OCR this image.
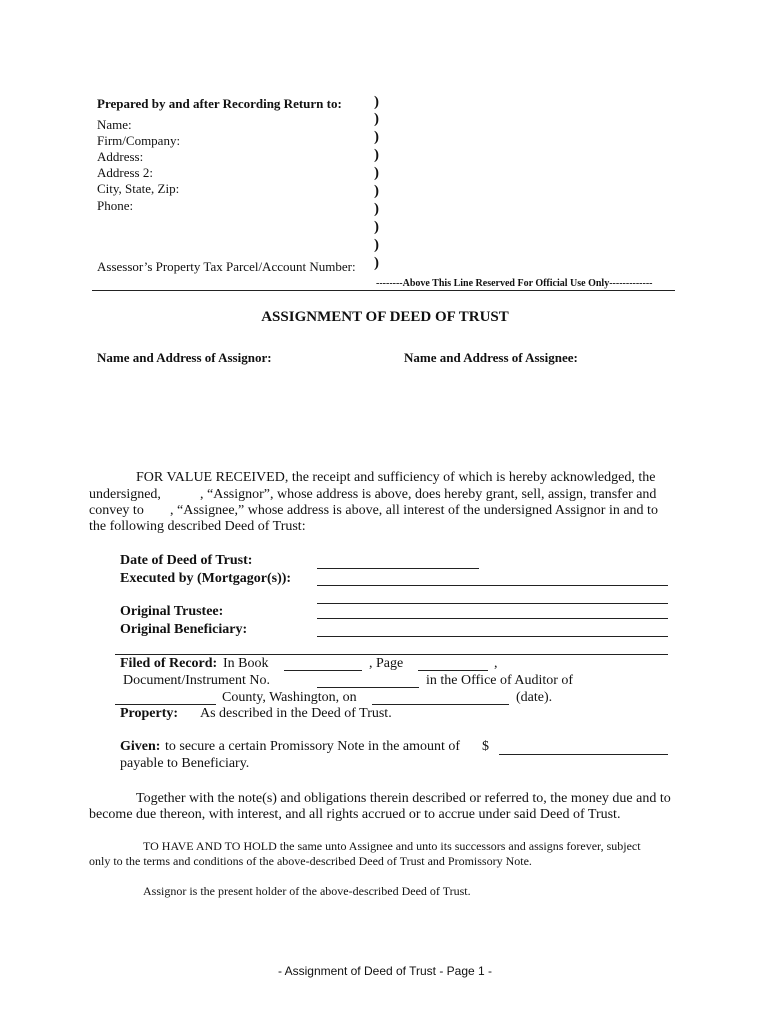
Prepared by and after Recording Return to:
Name:
Firm/Company:
Address:
Address 2:
City, State, Zip:
Phone:
Assessor’s Property Tax Parcel/Account Number:
)
)
)
)
)
)
)
)
)
)
--------Above This Line Reserved For Official Use Only-------------
ASSIGNMENT OF DEED OF TRUST
Name and Address of Assignor:	Name and Address of Assignee:
FOR VALUE RECEIVED, the receipt and sufficiency of which is hereby acknowledged, the
undersigned,	, “Assignor”, whose address is above, does hereby grant, sell, assign, transfer and
convey to , “Assignee,” whose address is above, all interest of the undersigned Assignor in and to
the following described Deed of Trust:
Date of Deed of Trust:
Executed by (Mortgagor(s)):
Original Trustee:
Original Beneficiary:
Filed of Record: In Book	, Page	,
Document/Instrument No.	in the Office of Auditor of
County, Washington, on	(date).
Property: As described in the Deed of Trust.
Given: to secure a certain Promissory Note in the amount of $
payable to Beneficiary.
Together with the note(s) and obligations therein described or referred to, the money due and to
become due thereon, with interest, and all rights accrued or to accrue under said Deed of Trust.
TO HAVE AND TO HOLD the same unto Assignee and unto its successors and assigns forever, subject
only to the terms and conditions of the above-described Deed of Trust and Promissory Note.
Assignor is the present holder of the above-described Deed of Trust.
- Assignment of Deed of Trust - Page 1 -
